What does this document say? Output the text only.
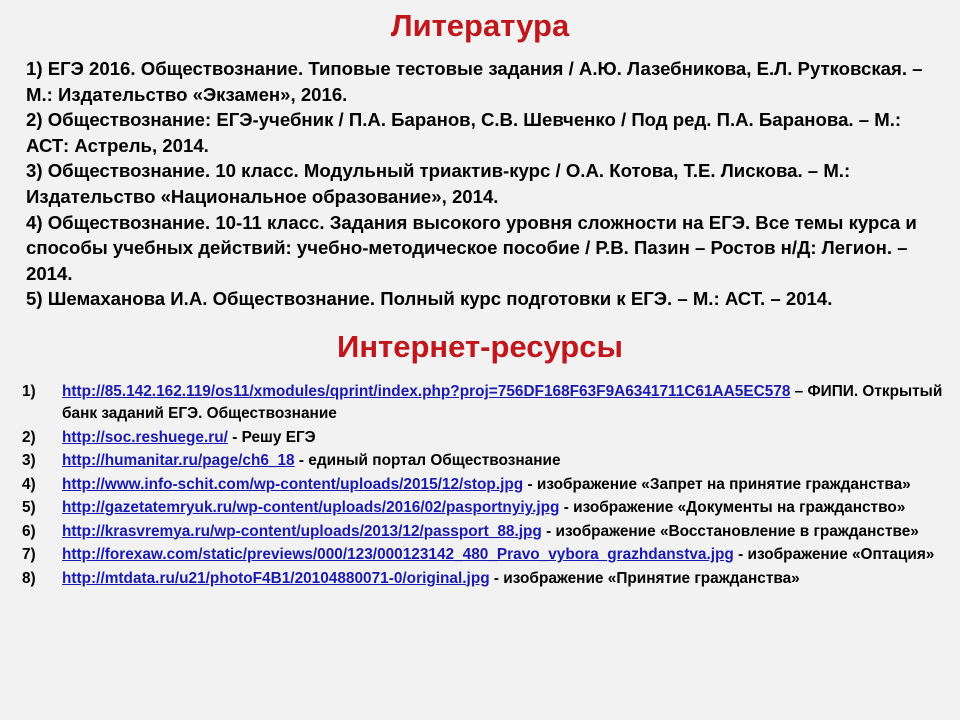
Литература
1) ЕГЭ 2016. Обществознание. Типовые тестовые задания / А.Ю. Лазебникова, Е.Л. Рутковская. – М.: Издательство «Экзамен», 2016.
2) Обществознание: ЕГЭ-учебник / П.А. Баранов, С.В. Шевченко / Под ред. П.А. Баранова. – М.: АСТ: Астрель, 2014.
3) Обществознание. 10 класс. Модульный триактив-курс / О.А. Котова, Т.Е. Лискова. – М.: Издательство «Национальное образование», 2014.
4) Обществознание. 10-11 класс. Задания высокого уровня сложности на ЕГЭ. Все темы курса и способы учебных действий: учебно-методическое пособие / Р.В. Пазин – Ростов н/Д: Легион. – 2014.
5) Шемаханова И.А. Обществознание. Полный курс подготовки к ЕГЭ. – М.: АСТ. – 2014.
Интернет-ресурсы
1) http://85.142.162.119/os11/xmodules/qprint/index.php?proj=756DF168F63F9A6341711C61AA5EC578 – ФИПИ. Открытый банк заданий ЕГЭ. Обществознание
2) http://soc.reshuege.ru/ - Решу ЕГЭ
3) http://humanitar.ru/page/ch6_18 - единый портал Обществознание
4) http://www.info-schit.com/wp-content/uploads/2015/12/stop.jpg - изображение «Запрет на принятие гражданства»
5) http://gazetatemryuk.ru/wp-content/uploads/2016/02/pasportnyiy.jpg - изображение «Документы на гражданство»
6) http://krasvremya.ru/wp-content/uploads/2013/12/passport_88.jpg - изображение «Восстановление в гражданстве»
7) http://forexaw.com/static/previews/000/123/000123142_480_Pravo_vybora_grazhdanstva.jpg - изображение «Оптация»
8) http://mtdata.ru/u21/photoF4B1/20104880071-0/original.jpg - изображение «Принятие гражданства»
